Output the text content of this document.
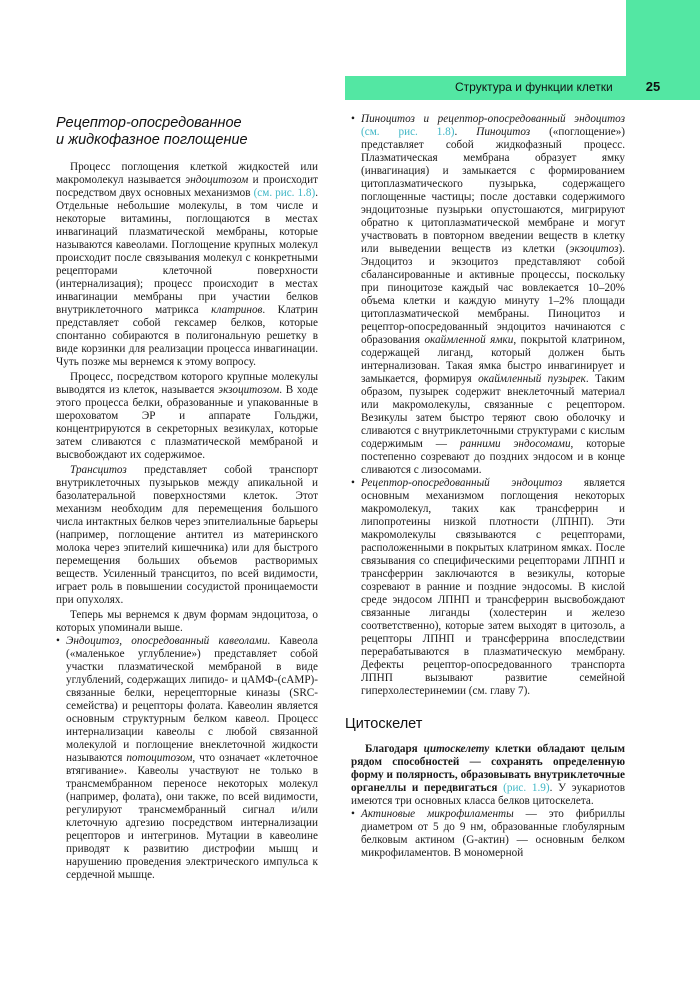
Структура и функции клетки	25
Рецептор-опосредованное
и жидкофазное поглощение

Процесс поглощения клеткой жидкостей или макромолекул называется эндоцитозом и происходит посредством двух основных механизмов (см. рис. 1.8). Отдельные небольшие молекулы, в том числе и некоторые витамины, поглощаются в местах инвагинаций плазматической мембраны, которые называются кавеолами. Поглощение крупных молекул происходит после связывания молекул с конкретными рецепторами клеточной поверхности (интернализация); процесс происходит в местах инвагинации мембраны при участии белков внутриклеточного матрикса клатринов. Клатрин представляет собой гексамер белков, которые спонтанно собираются в полигональную решетку в виде корзинки для реализации процесса инвагинации. Чуть позже мы вернемся к этому вопросу.

Процесс, посредством которого крупные молекулы выводятся из клеток, называется экзоцитозом. В ходе этого процесса белки, образованные и упакованные в шероховатом ЭР и аппарате Гольджи, концентрируются в секреторных везикулах, которые затем сливаются с плазматической мембраной и высвобождают их содержимое.

Трансцитоз представляет собой транспорт внутриклеточных пузырьков между апикальной и базолатеральной поверхностями клеток. Этот механизм необходим для перемещения большого числа интактных белков через эпителиальные барьеры (например, поглощение антител из материнского молока через эпителий кишечника) или для быстрого перемещения больших объемов растворимых веществ. Усиленный трансцитоз, по всей видимости, играет роль в повышении сосудистой проницаемости при опухолях.

Теперь мы вернемся к двум формам эндоцитоза, о которых упоминали выше.

• Эндоцитоз, опосредованный кавеолами. Кавеола («маленькое углубление») представляет собой участки плазматической мембраной в виде углублений, содержащих липидо- и цАМФ-(cAMP)-связанные белки, нерецепторные киназы (SRC-семейства) и рецепторы фолата. Кавеолин является основным структурным белком кавеол. Процесс интернализации кавеолы с любой связанной молекулой и поглощение внеклеточной жидкости называются потоцитозом, что означает «клеточное втягивание». Кавеолы участвуют не только в трансмембранном переносе некоторых молекул (например, фолата), они также, по всей видимости, регулируют трансмембранный сигнал и/или клеточную адгезию посредством интернализации рецепторов и интегринов. Мутации в кавеолине приводят к развитию дистрофии мышц и нарушению проведения электрического импульса к сердечной мышце.
• Пиноцитоз и рецептор-опосредованный эндоцитоз (см. рис. 1.8). Пиноцитоз («поглощение») представляет собой жидкофазный процесс. Плазматическая мембрана образует ямку (инвагинация) и замыкается с формированием цитоплазматического пузырька, содержащего поглощенные частицы; после доставки содержимого эндоцитозные пузырьки опустошаются, мигрируют обратно к цитоплазматической мембране и могут участвовать в повторном введении веществ в клетку или выведении веществ из клетки (экзоцитоз). Эндоцитоз и экзоцитоз представляют собой сбалансированные и активные процессы, поскольку при пиноцитозе каждый час вовлекается 10–20% объема клетки и каждую минуту 1–2% площади цитоплазматической мембраны. Пиноцитоз и рецептор-опосредованный эндоцитоз начинаются с образования окаймленной ямки, покрытой клатрином, содержащей лиганд, который должен быть интернализован. Такая ямка быстро инвагинирует и замыкается, формируя окаймленный пузырек. Таким образом, пузырек содержит внеклеточный материал или макромолекулы, связанные с рецептором. Везикулы затем быстро теряют свою оболочку и сливаются с внутриклеточными структурами с кислым содержимым — ранними эндосомами, которые постепенно созревают до поздних эндосом и в конце сливаются с лизосомами.
• Рецептор-опосредованный эндоцитоз является основным механизмом поглощения некоторых макромолекул, таких как трансферрин и липопротеины низкой плотности (ЛПНП). Эти макромолекулы связываются с рецепторами, расположенными в покрытых клатрином ямках. После связывания со специфическими рецепторами ЛПНП и трансферрин заключаются в везикулы, которые созревают в ранние и поздние эндосомы. В кислой среде эндосом ЛПНП и трансферрин высвобождают связанные лиганды (холестерин и железо соответственно), которые затем выходят в цитозоль, а рецепторы ЛПНП и трансферрина впоследствии перерабатываются в плазматическую мембрану. Дефекты рецептор-опосредованного транспорта ЛПНП вызывают развитие семейной гиперхолестеринемии (см. главу 7).
Цитоскелет

Благодаря цитоскелету клетки обладают целым рядом способностей — сохранять определенную форму и полярность, образовывать внутриклеточные органеллы и передвигаться (рис. 1.9). У эукариотов имеются три основных класса белков цитоскелета.

• Актиновые микрофиламенты — это фибриллы диаметром от 5 до 9 нм, образованные глобулярным белковым актином (G-актин) — основным белком микрофиламентов. В мономерной
